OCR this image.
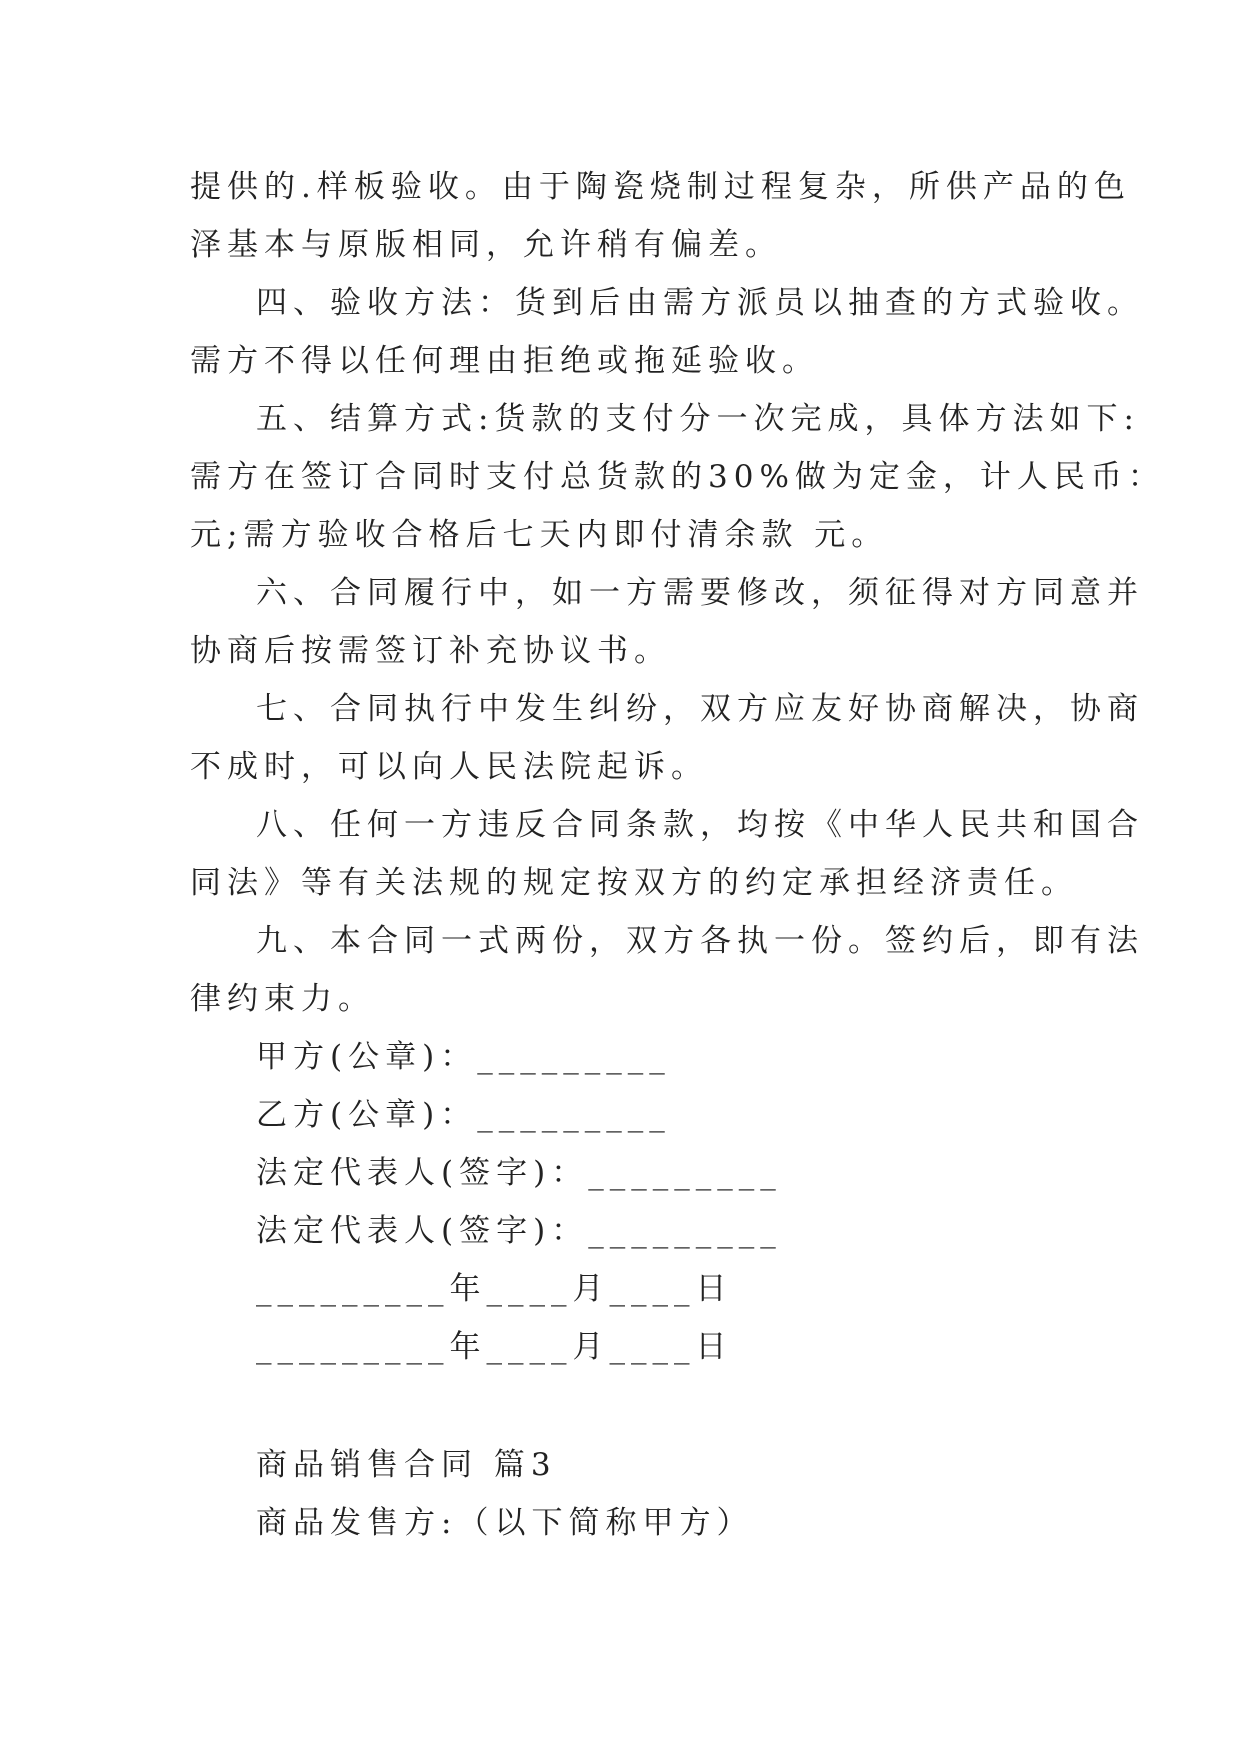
提供的.样板验收。由于陶瓷烧制过程复杂，所供产品的色
泽基本与原版相同，允许稍有偏差。
四、验收方法：货到后由需方派员以抽查的方式验收。
需方不得以任何理由拒绝或拖延验收。
五、结算方式:货款的支付分一次完成，具体方法如下:
需方在签订合同时支付总货款的30%做为定金，计人民币：
元;需方验收合格后七天内即付清余款 元。
六、合同履行中，如一方需要修改，须征得对方同意并
协商后按需签订补充协议书。
七、合同执行中发生纠纷，双方应友好协商解决，协商
不成时，可以向人民法院起诉。
八、任何一方违反合同条款，均按《中华人民共和国合
同法》等有关法规的规定按双方的约定承担经济责任。
九、本合同一式两份，双方各执一份。签约后，即有法
律约束力。
甲方(公章)：_________
乙方(公章)：_________
法定代表人(签字)：_________
法定代表人(签字)：_________
_________年____月____日
_________年____月____日
商品销售合同 篇3
商品发售方:（以下简称甲方）
